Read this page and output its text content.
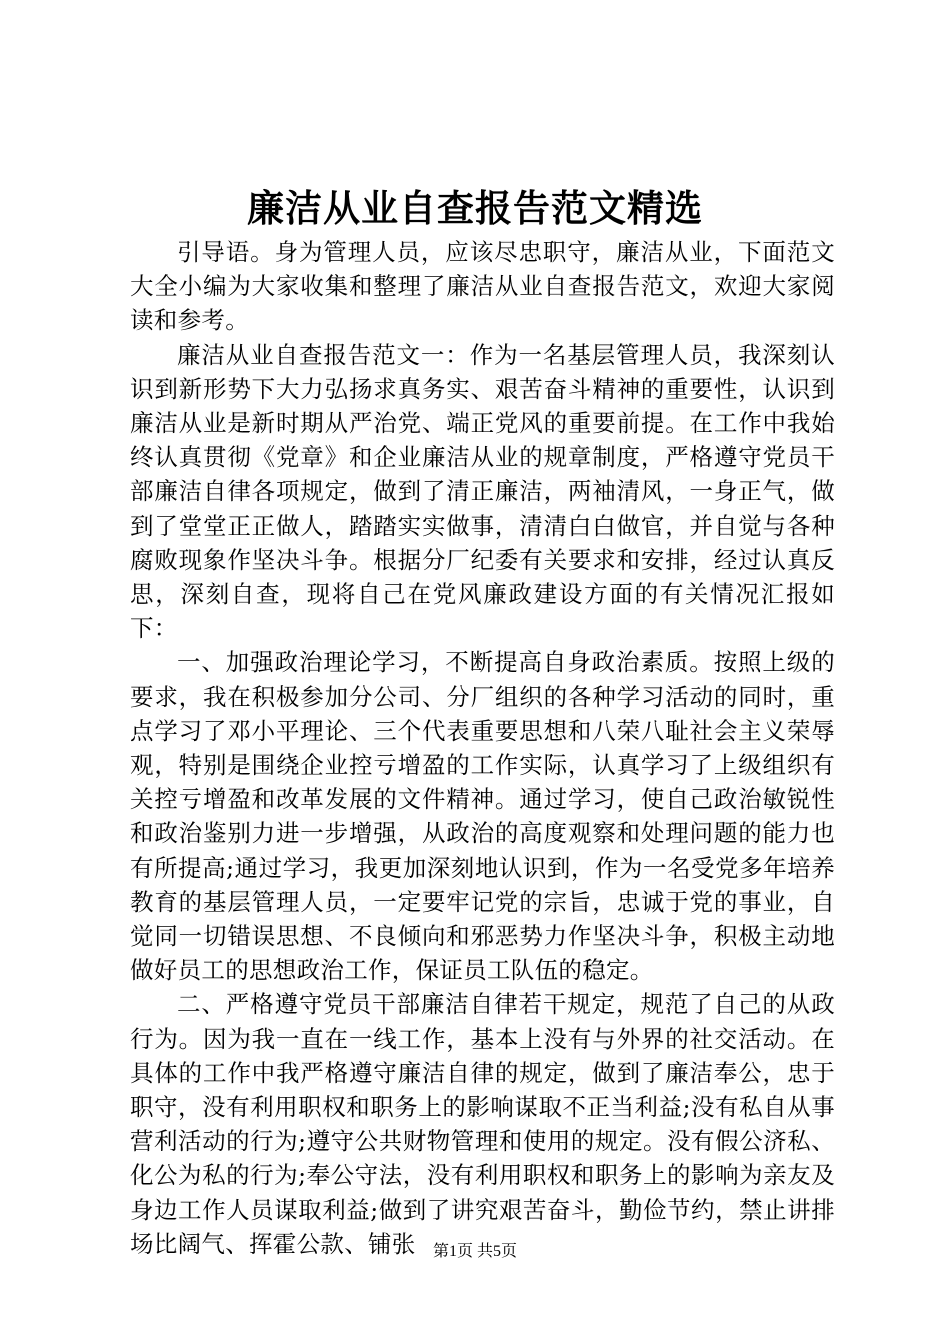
廉洁从业自查报告范文精选

引导语。身为管理人员，应该尽忠职守，廉洁从业，下面范文大全小编为大家收集和整理了廉洁从业自查报告范文，欢迎大家阅读和参考。

廉洁从业自查报告范文一：作为一名基层管理人员，我深刻认识到新形势下大力弘扬求真务实、艰苦奋斗精神的重要性，认识到廉洁从业是新时期从严治党、端正党风的重要前提。在工作中我始终认真贯彻《党章》和企业廉洁从业的规章制度，严格遵守党员干部廉洁自律各项规定，做到了清正廉洁，两袖清风，一身正气，做到了堂堂正正做人，踏踏实实做事，清清白白做官，并自觉与各种腐败现象作坚决斗争。根据分厂纪委有关要求和安排，经过认真反思，深刻自查，现将自己在党风廉政建设方面的有关情况汇报如下：

一、加强政治理论学习，不断提高自身政治素质。按照上级的要求，我在积极参加分公司、分厂组织的各种学习活动的同时，重点学习了邓小平理论、三个代表重要思想和八荣八耻社会主义荣辱观，特别是围绕企业控亏增盈的工作实际，认真学习了上级组织有关控亏增盈和改革发展的文件精神。通过学习，使自己政治敏锐性和政治鉴别力进一步增强，从政治的高度观察和处理问题的能力也有所提高;通过学习，我更加深刻地认识到，作为一名受党多年培养教育的基层管理人员，一定要牢记党的宗旨，忠诚于党的事业，自觉同一切错误思想、不良倾向和邪恶势力作坚决斗争，积极主动地做好员工的思想政治工作，保证员工队伍的稳定。

二、严格遵守党员干部廉洁自律若干规定，规范了自己的从政行为。因为我一直在一线工作，基本上没有与外界的社交活动。在具体的工作中我严格遵守廉洁自律的规定，做到了廉洁奉公，忠于职守，没有利用职权和职务上的影响谋取不正当利益;没有私自从事营利活动的行为;遵守公共财物管理和使用的规定。没有假公济私、化公为私的行为;奉公守法，没有利用职权和职务上的影响为亲友及身边工作人员谋取利益;做到了讲究艰苦奋斗，勤俭节约，禁止讲排场比阔气、挥霍公款、铺张	第1页 共5页
